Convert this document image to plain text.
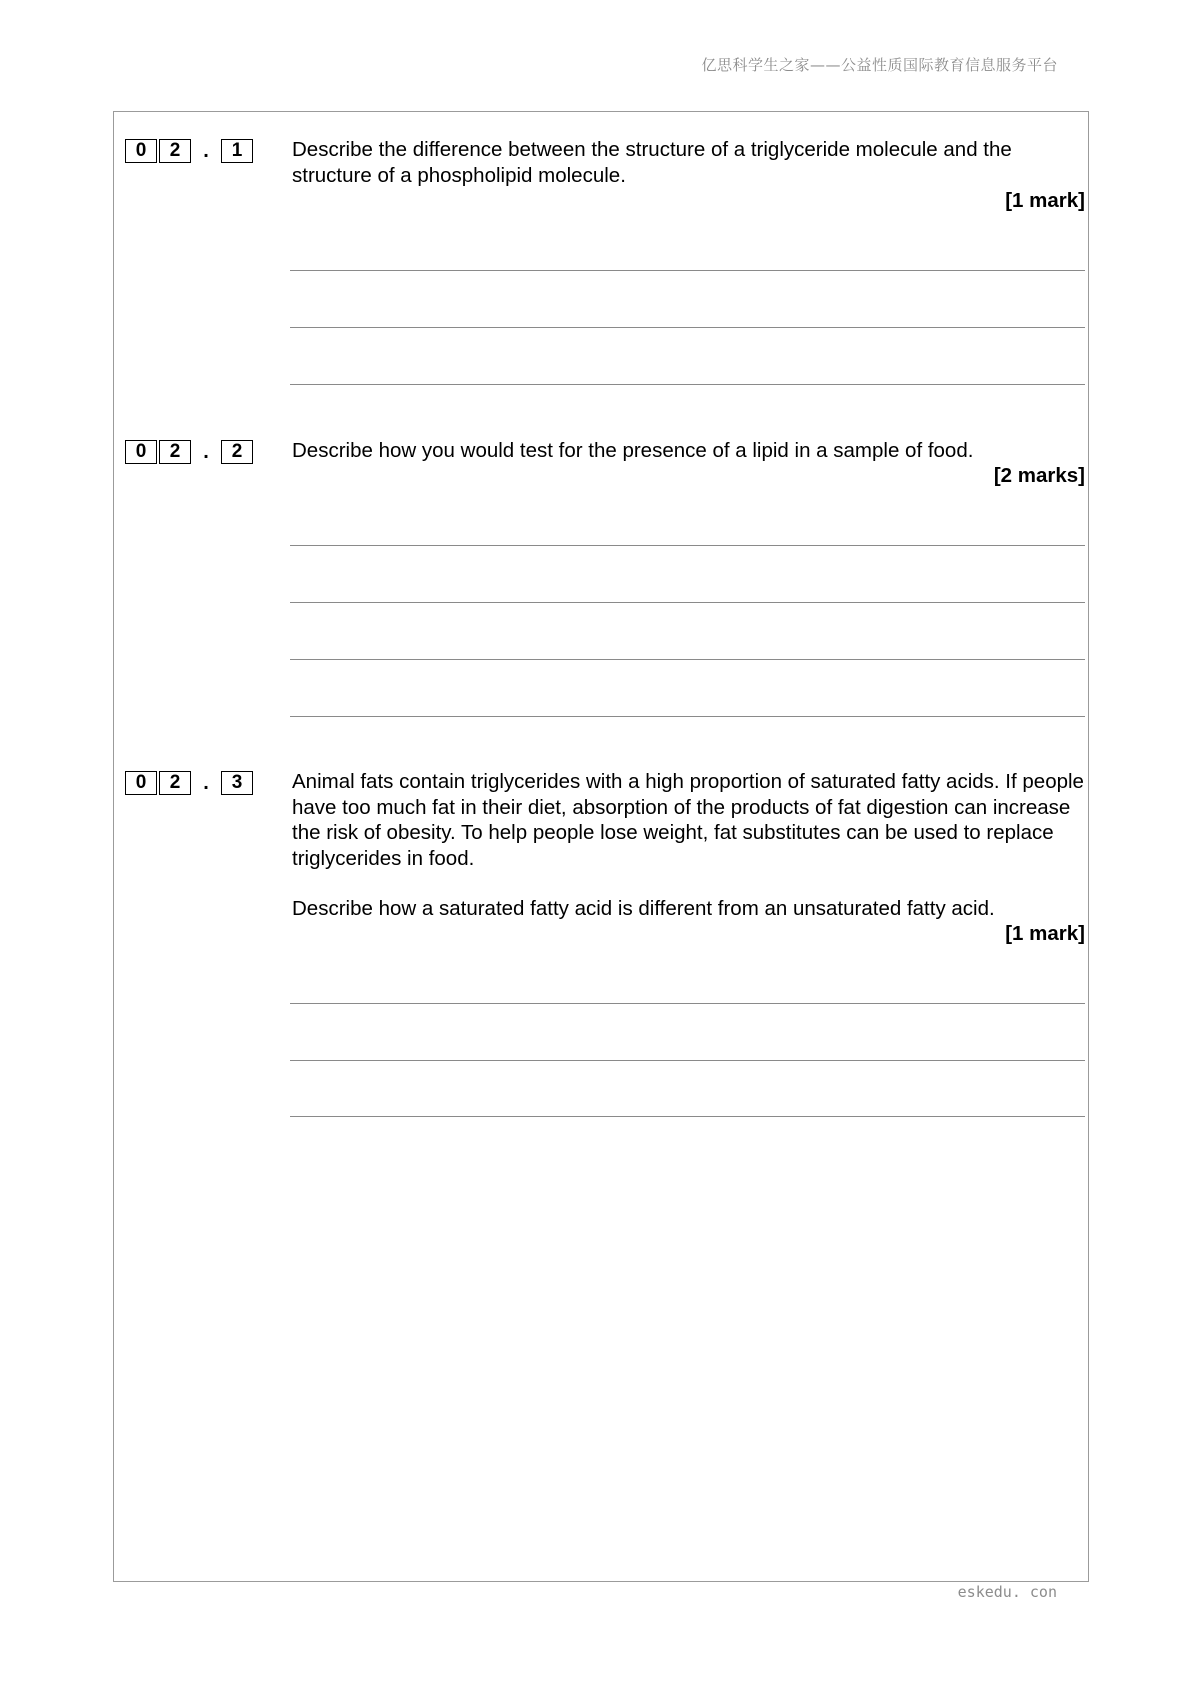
亿思科学生之家——公益性质国际教育信息服务平台
0	2	.	1	Describe the difference between the structure of a triglyceride molecule and the structure of a phospholipid molecule.

[1 mark]
0	2	.	2	Describe how you would test for the presence of a lipid in a sample of food.

[2 marks]
0	2	.	3	Animal fats contain triglycerides with a high proportion of saturated fatty acids. If people have too much fat in their diet, absorption of the products of fat digestion can increase the risk of obesity. To help people lose weight, fat substitutes can be used to replace triglycerides in food.

Describe how a saturated fatty acid is different from an unsaturated fatty acid.

[1 mark]
eskedu. con
